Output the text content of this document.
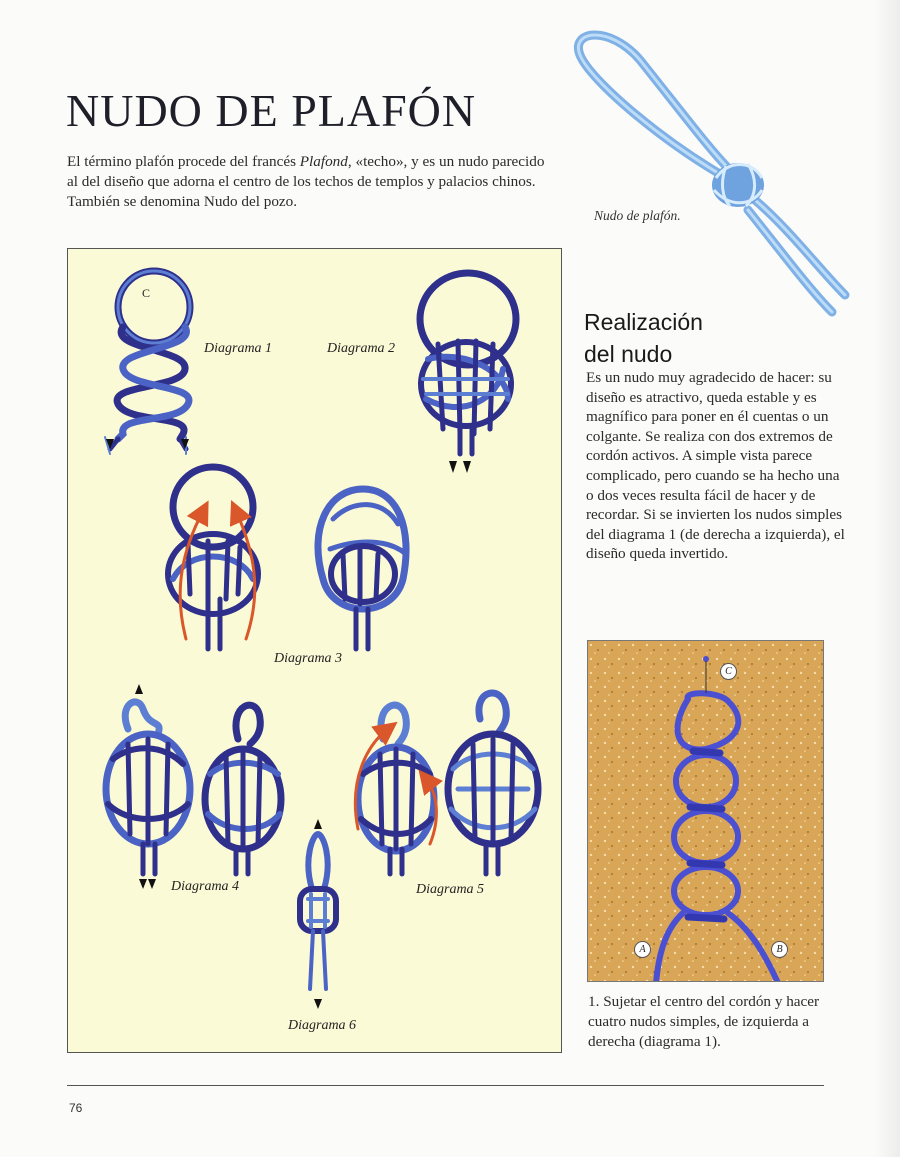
NUDO DE PLAFÓN

El término plafón procede del francés Plafond, «techo», y es un nudo parecido al del diseño que adorna el centro de los techos de templos y palacios chinos. También se denomina Nudo del pozo.

Nudo de plafón.
C
Diagrama 1	Diagrama 2
Diagrama 3
Diagrama 4	Diagrama 5
Diagrama 6
Realización
del nudo

Es un nudo muy agradecido de hacer: su diseño es atractivo, queda estable y es magnífico para poner en él cuentas o un colgante. Se realiza con dos extremos de cordón activos. A simple vista parece complicado, pero cuando se ha hecho una o dos veces resulta fácil de hacer y de recordar. Si se invierten los nudos simples del diagrama 1 (de derecha a izquierda), el diseño queda invertido.

C
A	B

1. Sujetar el centro del cordón y hacer cuatro nudos simples, de izquierda a derecha (diagrama 1).

76
